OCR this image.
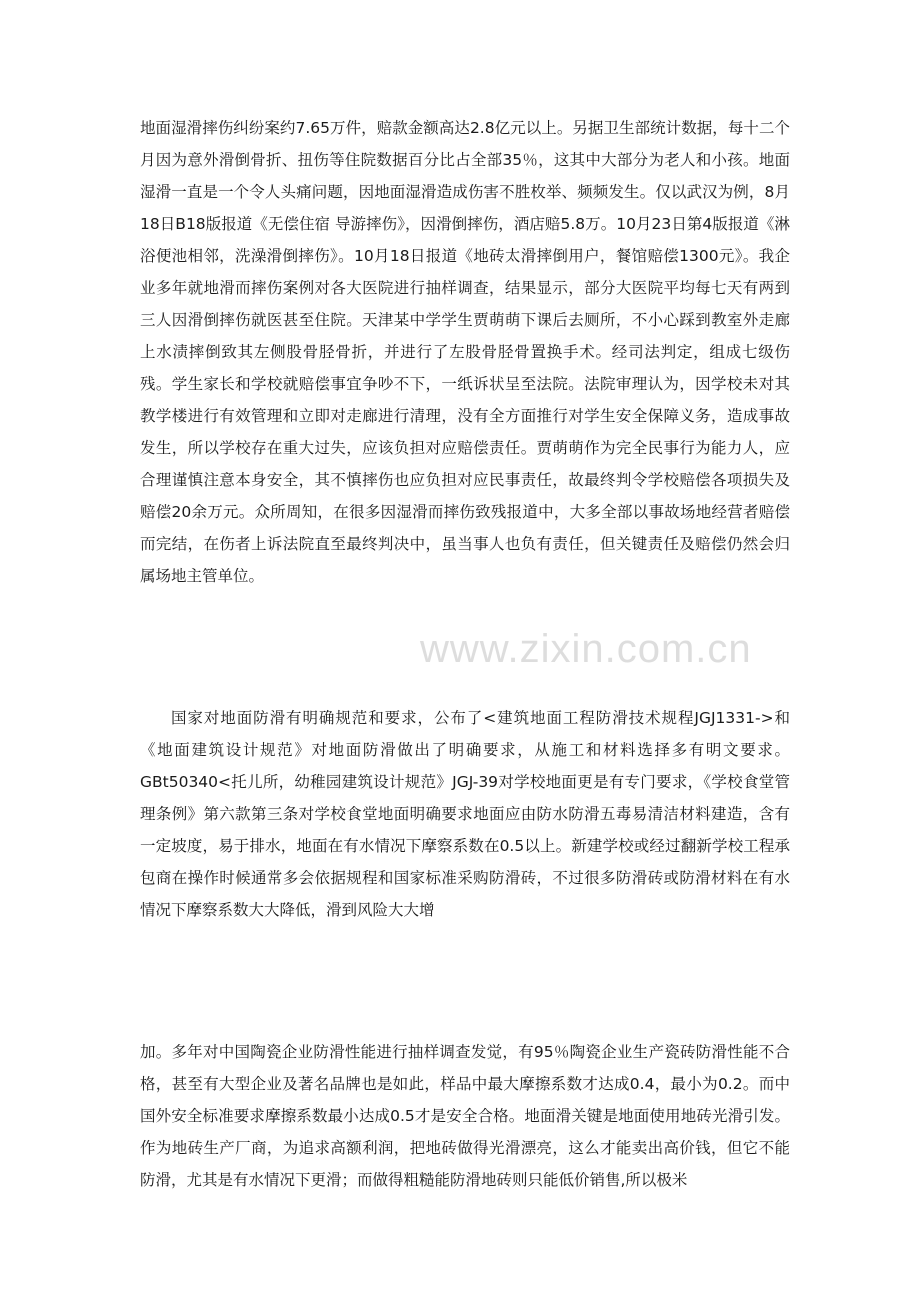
地面湿滑摔伤纠纷案约7.65万件，赔款金额高达2.8亿元以上。另据卫生部统计数据，每十二个月因为意外滑倒骨折、扭伤等住院数据百分比占全部35％，这其中大部分为老人和小孩。地面湿滑一直是一个令人头痛问题，因地面湿滑造成伤害不胜枚举、频频发生。仅以武汉为例，8月18日B18版报道《无偿住宿 导游摔伤》，因滑倒摔伤，酒店赔5.8万。10月23日第4版报道《淋浴便池相邻，洗澡滑倒摔伤》。10月18日报道《地砖太滑摔倒用户，餐馆赔偿1300元》。我企业多年就地滑而摔伤案例对各大医院进行抽样调查，结果显示，部分大医院平均每七天有两到三人因滑倒摔伤就医甚至住院。天津某中学学生贾萌萌下课后去厕所，不小心踩到教室外走廊上水渍摔倒致其左侧股骨胫骨折，并进行了左股骨胫骨置换手术。经司法判定，组成七级伤残。学生家长和学校就赔偿事宜争吵不下，一纸诉状呈至法院。法院审理认为，因学校未对其教学楼进行有效管理和立即对走廊进行清理，没有全方面推行对学生安全保障义务，造成事故发生，所以学校存在重大过失，应该负担对应赔偿责任。贾萌萌作为完全民事行为能力人，应合理谨慎注意本身安全，其不慎摔伤也应负担对应民事责任，故最终判令学校赔偿各项损失及赔偿20余万元。众所周知，在很多因湿滑而摔伤致残报道中，大多全部以事故场地经营者赔偿而完结，在伤者上诉法院直至最终判决中，虽当事人也负有责任，但关键责任及赔偿仍然会归属场地主管单位。

国家对地面防滑有明确规范和要求，公布了<建筑地面工程防滑技术规程JGJ1331->和《地面建筑设计规范》对地面防滑做出了明确要求，从施工和材料选择多有明文要求。GBt50340<托儿所，幼稚园建筑设计规范》JGJ-39对学校地面更是有专门要求，《学校食堂管理条例》第六款第三条对学校食堂地面明确要求地面应由防水防滑五毒易清洁材料建造，含有一定坡度，易于排水，地面在有水情况下摩察系数在0.5以上。新建学校或经过翻新学校工程承包商在操作时候通常多会依据规程和国家标准采购防滑砖，不过很多防滑砖或防滑材料在有水情况下摩察系数大大降低，滑到风险大大增

加。多年对中国陶瓷企业防滑性能进行抽样调查发觉，有95％陶瓷企业生产瓷砖防滑性能不合格，甚至有大型企业及著名品牌也是如此，样品中最大摩擦系数才达成0.4，最小为0.2。而中国外安全标准要求摩擦系数最小达成0.5才是安全合格。地面滑关键是地面使用地砖光滑引发。作为地砖生产厂商，为追求高额利润，把地砖做得光滑漂亮，这么才能卖出高价钱，但它不能防滑，尤其是有水情况下更滑；而做得粗糙能防滑地砖则只能低价销售,所以极米

www.zixin.com.cn
